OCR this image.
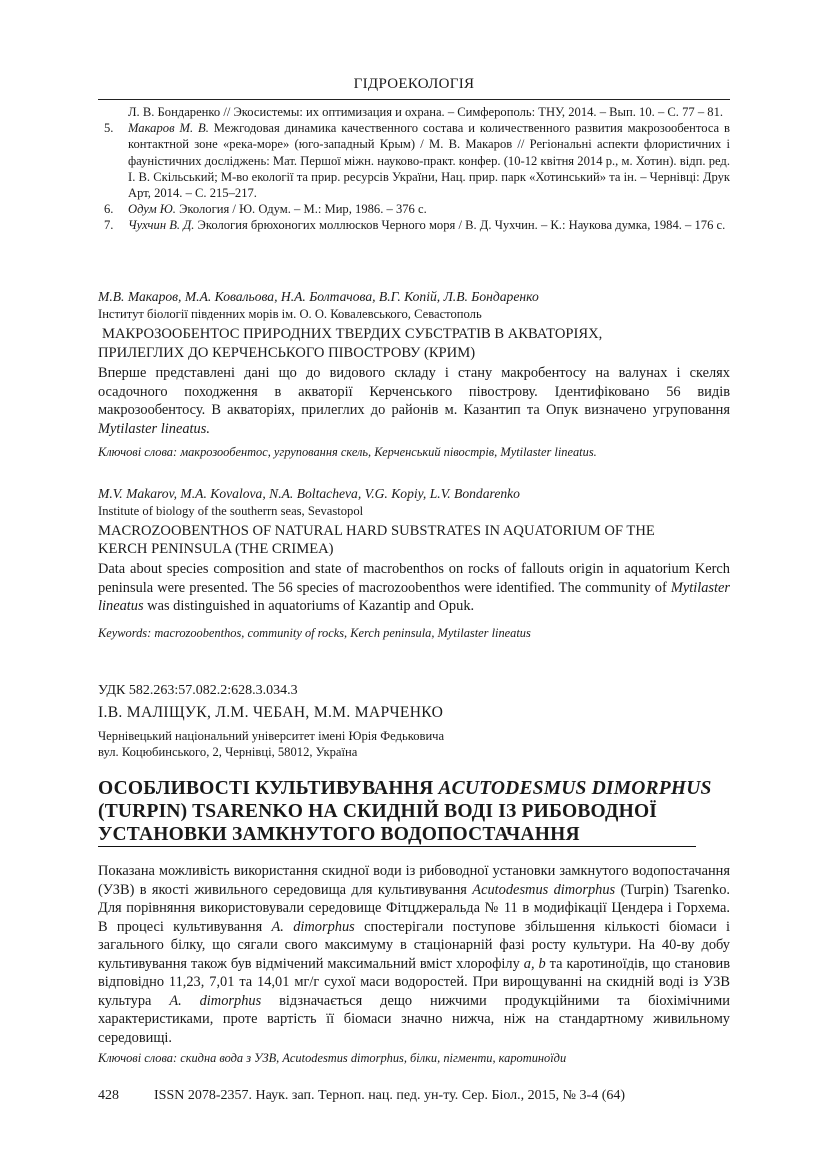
ГІДРОЕКОЛОГІЯ
Л. В. Бондаренко // Экосистемы: их оптимизация и охрана. – Симферополь: ТНУ, 2014. – Вып. 10. – С. 77 – 81.
5.	Макаров М. В. Межгодовая динамика качественного состава и количественного развития макрозообентоса в контактной зоне «река-море» (юго-западный Крым) / М. В. Макаров // Регіональні аспекти флористичних і фауністичних досліджень: Мат. Першої міжн. науково-практ. конфер. (10-12 квітня 2014 р., м. Хотин). відп. ред. І. В. Скільський; М-во екології та прир. ресурсів України, Нац. прир. парк «Хотинський» та ін. – Чернівці: Друк Арт, 2014. – С. 215–217.
6.	Одум Ю. Экология / Ю. Одум. – М.: Мир, 1986. – 376 с.
7.	Чухчин В. Д. Экология брюхоногих моллюсков Черного моря / В. Д. Чухчин. – К.: Наукова думка, 1984. – 176 с.
М.В. Макаров, М.А. Ковальова, Н.А. Болтачова, В.Г. Копій, Л.В. Бондаренко
Інститут біології південних морів ім. О. О. Ковалевського, Севастополь
МАКРОЗООБЕНТОС ПРИРОДНИХ ТВЕРДИХ СУБСТРАТІВ В АКВАТОРІЯХ,
ПРИЛЕГЛИХ ДО КЕРЧЕНСЬКОГО ПІВОСТРОВУ (КРИМ)
Вперше представлені дані що до видового складу і стану макробентосу на валунах і скелях осадочного походження в акваторії Керченського півострову. Ідентифіковано 56 видів макрозообентосу. В акваторіях, прилеглих до районів м. Казантип та Опук визначено угруповання Mytilaster lineatus.
Ключові слова: макрозообентос, угруповання скель, Керченський півострів, Mytilaster lineatus.
M.V. Makarov, M.A. Kovalova, N.A. Boltacheva, V.G. Kopiy, L.V. Bondarenko
Institute of biology of the southerrn seas, Sevastopol
MACROZOOBENTHOS OF NATURAL HARD SUBSTRATES IN AQUATORIUM OF THE
KERCH PENINSULA (THE CRIMEA)
Data about species composition and state of macrobenthos on rocks of fallouts origin in aquatorium Kerch peninsula were presented. The 56 species of macrozoobenthos were identified. The community of Mytilaster lineatus was distinguished in aquatoriums of Kazantip and Opuk.
Keywords: macrozoobenthos, community of rocks, Kerch peninsula, Mytilaster lineatus
УДК 582.263:57.082.2:628.3.034.3
І.В. МАЛІЩУК, Л.М. ЧЕБАН, М.М. МАРЧЕНКО
Чернівецький національний університет імені Юрія Федьковича
вул. Коцюбинського, 2, Чернівці, 58012, Україна
ОСОБЛИВОСТІ КУЛЬТИВУВАННЯ ACUTODESMUS DIMORPHUS
(TURPIN) TSARENKO НА СКИДНІЙ ВОДІ ІЗ РИБОВОДНОЇ
УСТАНОВКИ ЗАМКНУТОГО ВОДОПОСТАЧАННЯ
Показана можливість використання скидної води із рибоводної установки замкнутого водопостачання (УЗВ) в якості живильного середовища для культивування Acutodesmus dimorphus (Turpin) Tsarenko. Для порівняння використовували середовище Фітцджеральда № 11 в модифікації Цендера і Горхема. В процесі культивування A. dimorphus спостерігали поступове збільшення кількості біомаси і загального білку, що сягали свого максимуму в стаціонарній фазі росту культури. На 40-ву добу культивування також був відмічений максимальний вміст хлорофілу a, b та каротиноїдів, що становив відповідно 11,23, 7,01 та 14,01 мг/г сухої маси водоростей. При вирощуванні на скидній воді із УЗВ культура A. dimorphus відзначається дещо нижчими продукційними та біохімічними характеристиками, проте вартість її біомаси значно нижча, ніж на стандартному живильному середовищі.
Ключові слова: скидна вода з УЗВ, Acutodesmus dimorphus, білки, пігменти, каротиноїди
428	ISSN 2078-2357. Наук. зап. Терноп. нац. пед. ун-ту. Сер. Біол., 2015, № 3-4 (64)
